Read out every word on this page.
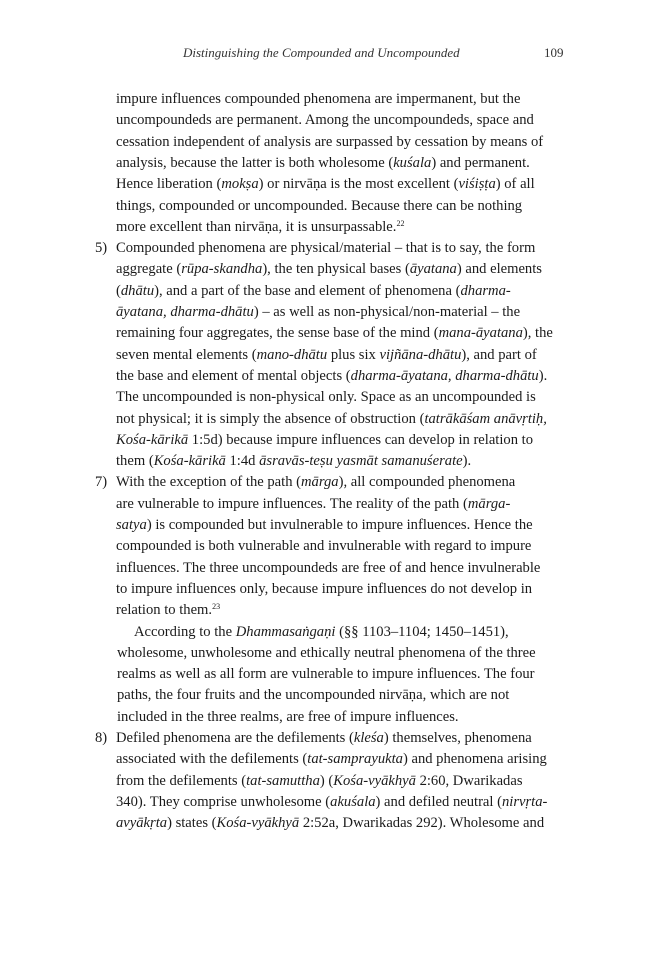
Distinguishing the Compounded and Uncompounded	109
impure influences compounded phenomena are impermanent, but the
uncompoundeds are permanent. Among the uncompoundeds, space and
cessation independent of analysis are surpassed by cessation by means of
analysis, because the latter is both wholesome (kuśala) and permanent.
Hence liberation (mokṣa) or nirvāṇa is the most excellent (viśiṣṭa) of all
things, compounded or uncompounded. Because there can be nothing
more excellent than nirvāṇa, it is unsurpassable.$^{22}$
5) Compounded phenomena are physical/material – that is to say, the form
aggregate (rūpa-skandha), the ten physical bases (āyatana) and elements
(dhātu), and a part of the base and element of phenomena (dharma-
āyatana, dharma-dhātu) – as well as non-physical/non-material – the
remaining four aggregates, the sense base of the mind (mana-āyatana), the
seven mental elements (mano-dhātu plus six vijñāna-dhātu), and part of
the base and element of mental objects (dharma-āyatana, dharma-dhātu).
The uncompounded is non-physical only. Space as an uncompounded is
not physical; it is simply the absence of obstruction (tatrākāśam anāvṛtiḥ,
Kośa-kārikā 1:5d) because impure influences can develop in relation to
them (Kośa-kārikā 1:4d āsravās-teṣu yasmāt samanuśerate).
7) With the exception of the path (mārga), all compounded phenomena
are vulnerable to impure influences. The reality of the path (mārga-
satya) is compounded but invulnerable to impure influences. Hence the
compounded is both vulnerable and invulnerable with regard to impure
influences. The three uncompoundeds are free of and hence invulnerable
to impure influences only, because impure influences do not develop in
relation to them.$^{23}$
According to the Dhammasaṅgaṇi (§§ 1103–1104; 1450–1451),
wholesome, unwholesome and ethically neutral phenomena of the three
realms as well as all form are vulnerable to impure influences. The four
paths, the four fruits and the uncompounded nirvāṇa, which are not
included in the three realms, are free of impure influences.
8) Defiled phenomena are the defilements (kleśa) themselves, phenomena
associated with the defilements (tat-samprayukta) and phenomena arising
from the defilements (tat-samuttha) (Kośa-vyākhyā 2:60, Dwarikadas
340). They comprise unwholesome (akuśala) and defiled neutral (nirvṛta-
avyākṛta) states (Kośa-vyākhyā 2:52a, Dwarikadas 292). Wholesome and
